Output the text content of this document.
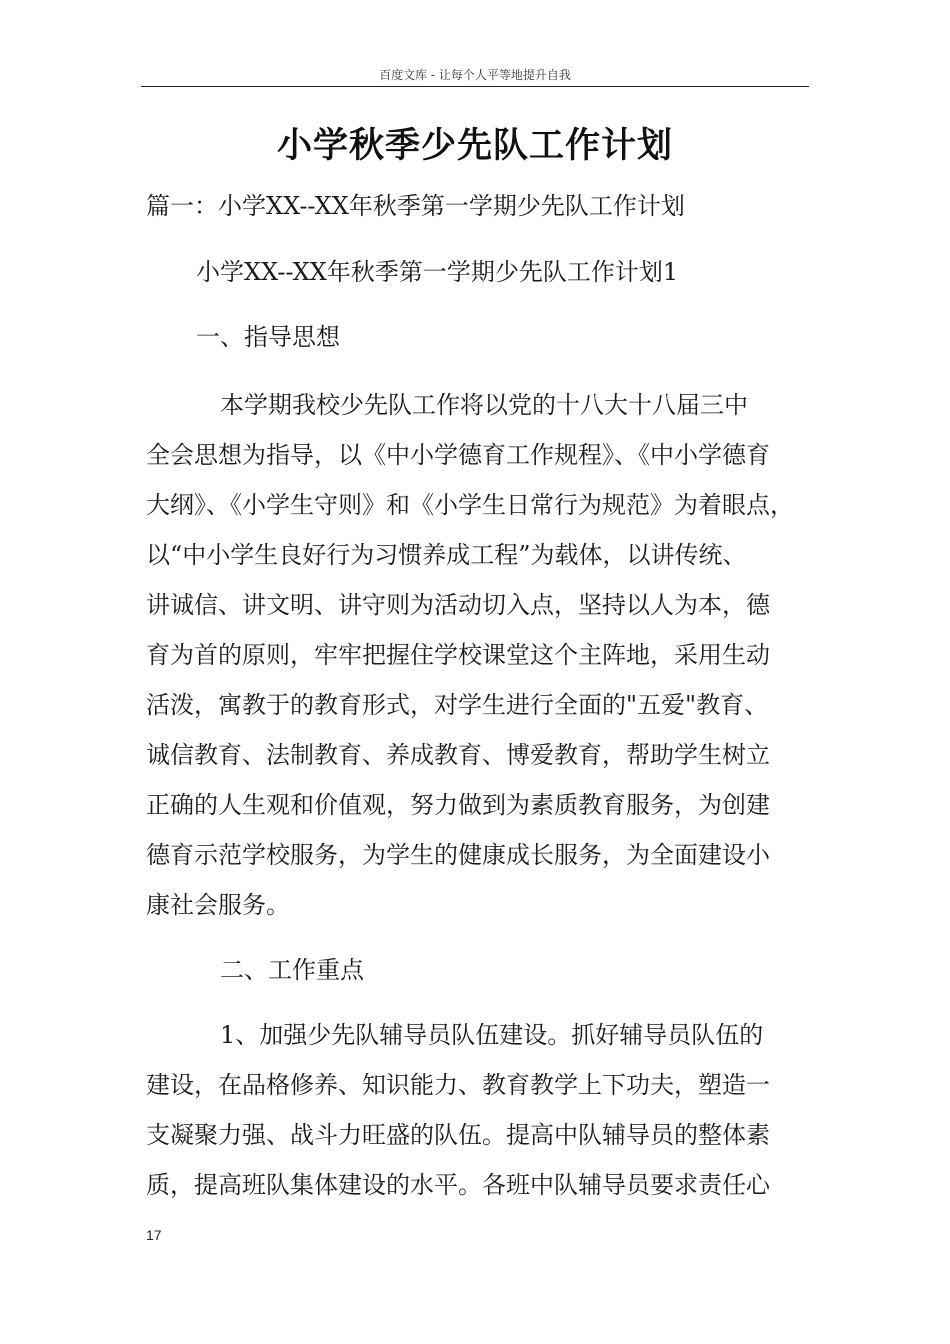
百度文库 - 让每个人平等地提升自我
小学秋季少先队工作计划
篇一：小学XX--XX年秋季第一学期少先队工作计划
小学XX--XX年秋季第一学期少先队工作计划1
一、指导思想
本学期我校少先队工作将以党的十八大十八届三中
全会思想为指导，以《中小学德育工作规程》、《中小学德育
大纲》、《小学生守则》和《小学生日常行为规范》为着眼点，
以“中小学生良好行为习惯养成工程”为载体，以讲传统、
讲诚信、讲文明、讲守则为活动切入点，坚持以人为本，德
育为首的原则，牢牢把握住学校课堂这个主阵地，采用生动
活泼，寓教于的教育形式，对学生进行全面的"五爱"教育、
诚信教育、法制教育、养成教育、博爱教育，帮助学生树立
正确的人生观和价值观，努力做到为素质教育服务，为创建
德育示范学校服务，为学生的健康成长服务，为全面建设小
康社会服务。
二、工作重点
1、加强少先队辅导员队伍建设。抓好辅导员队伍的
建设，在品格修养、知识能力、教育教学上下功夫，塑造一
支凝聚力强、战斗力旺盛的队伍。提高中队辅导员的整体素
质，提高班队集体建设的水平。各班中队辅导员要求责任心
17
